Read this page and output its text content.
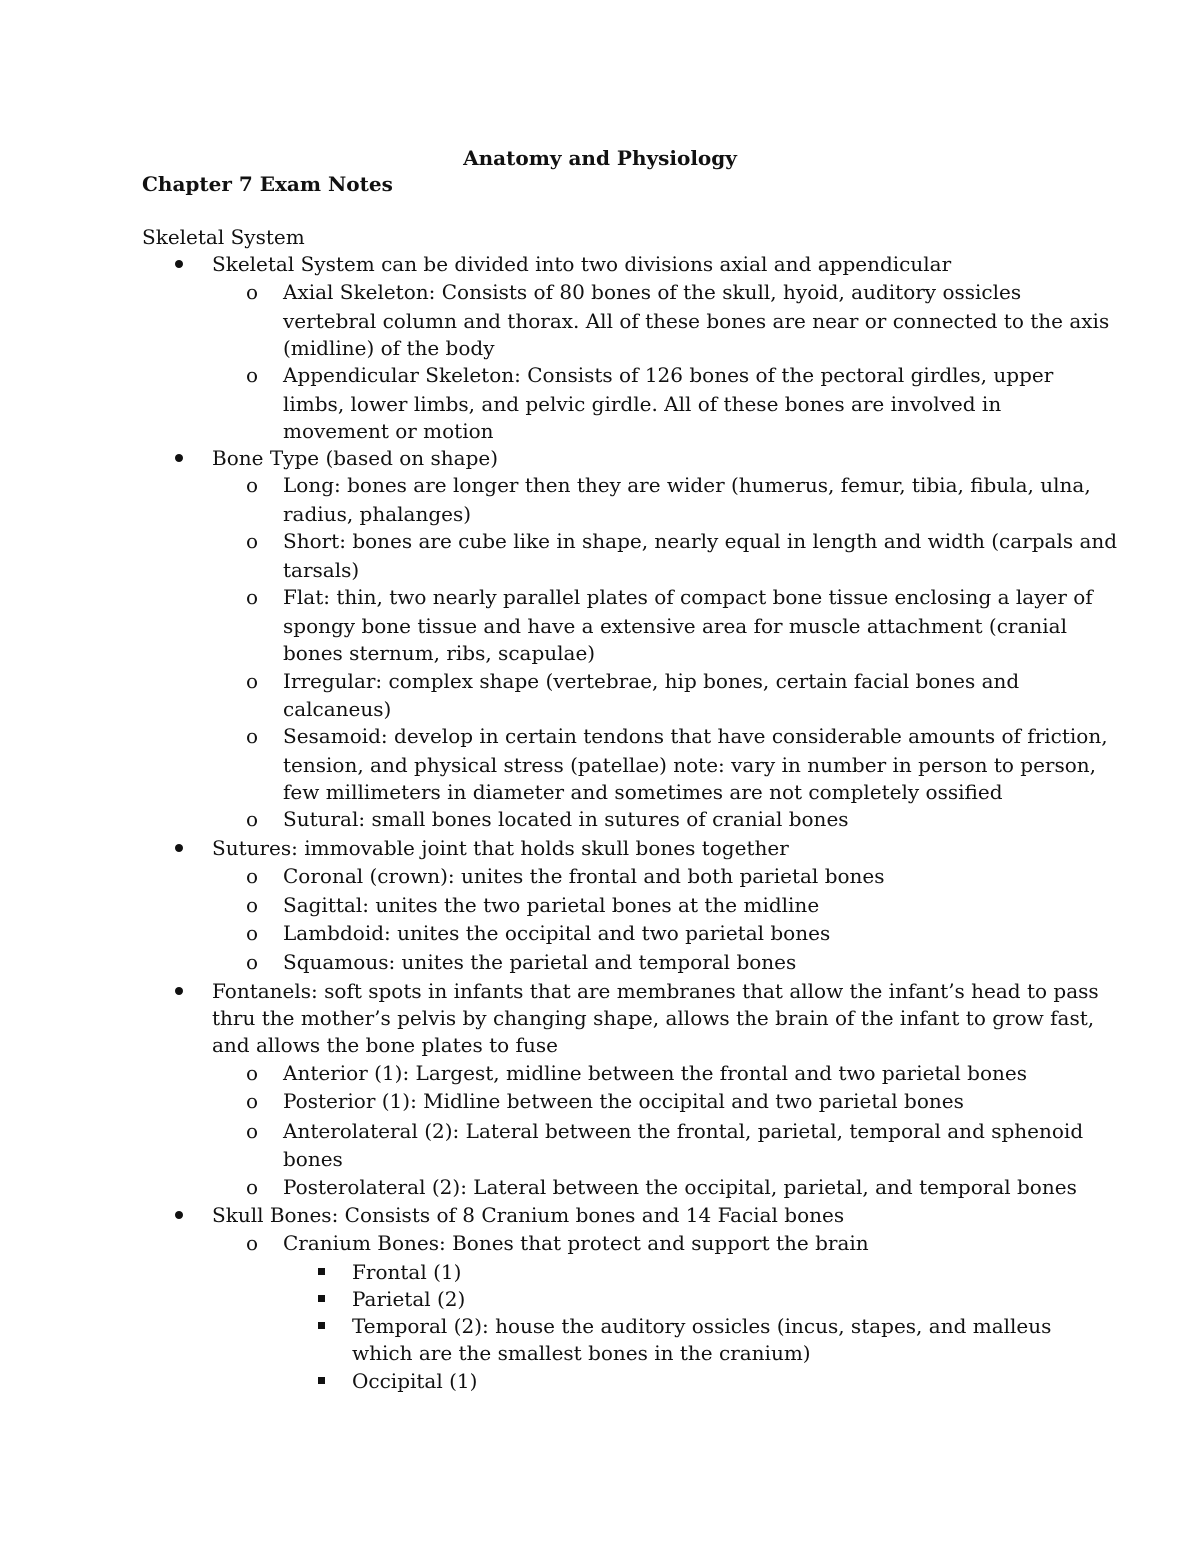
Anatomy and Physiology
Chapter 7 Exam Notes
Skeletal System
Skeletal System can be divided into two divisions axial and appendicular
o Axial Skeleton: Consists of 80 bones of the skull, hyoid, auditory ossicles
vertebral column and thorax. All of these bones are near or connected to the axis
(midline) of the body
o Appendicular Skeleton: Consists of 126 bones of the pectoral girdles, upper
limbs, lower limbs, and pelvic girdle. All of these bones are involved in
movement or motion
Bone Type (based on shape)
o Long: bones are longer then they are wider (humerus, femur, tibia, fibula, ulna,
radius, phalanges)
o Short: bones are cube like in shape, nearly equal in length and width (carpals and
tarsals)
o Flat: thin, two nearly parallel plates of compact bone tissue enclosing a layer of
spongy bone tissue and have a extensive area for muscle attachment (cranial
bones sternum, ribs, scapulae)
o Irregular: complex shape (vertebrae, hip bones, certain facial bones and
calcaneus)
o Sesamoid: develop in certain tendons that have considerable amounts of friction,
tension, and physical stress (patellae) note: vary in number in person to person,
few millimeters in diameter and sometimes are not completely ossified
o Sutural: small bones located in sutures of cranial bones
Sutures: immovable joint that holds skull bones together
o Coronal (crown): unites the frontal and both parietal bones
o Sagittal: unites the two parietal bones at the midline
o Lambdoid: unites the occipital and two parietal bones
o Squamous: unites the parietal and temporal bones
Fontanels: soft spots in infants that are membranes that allow the infant’s head to pass
thru the mother’s pelvis by changing shape, allows the brain of the infant to grow fast,
and allows the bone plates to fuse
o Anterior (1): Largest, midline between the frontal and two parietal bones
o Posterior (1): Midline between the occipital and two parietal bones
o Anterolateral (2): Lateral between the frontal, parietal, temporal and sphenoid
bones
o Posterolateral (2): Lateral between the occipital, parietal, and temporal bones
Skull Bones: Consists of 8 Cranium bones and 14 Facial bones
o Cranium Bones: Bones that protect and support the brain
Frontal (1)
Parietal (2)
Temporal (2): house the auditory ossicles (incus, stapes, and malleus
which are the smallest bones in the cranium)
Occipital (1)
